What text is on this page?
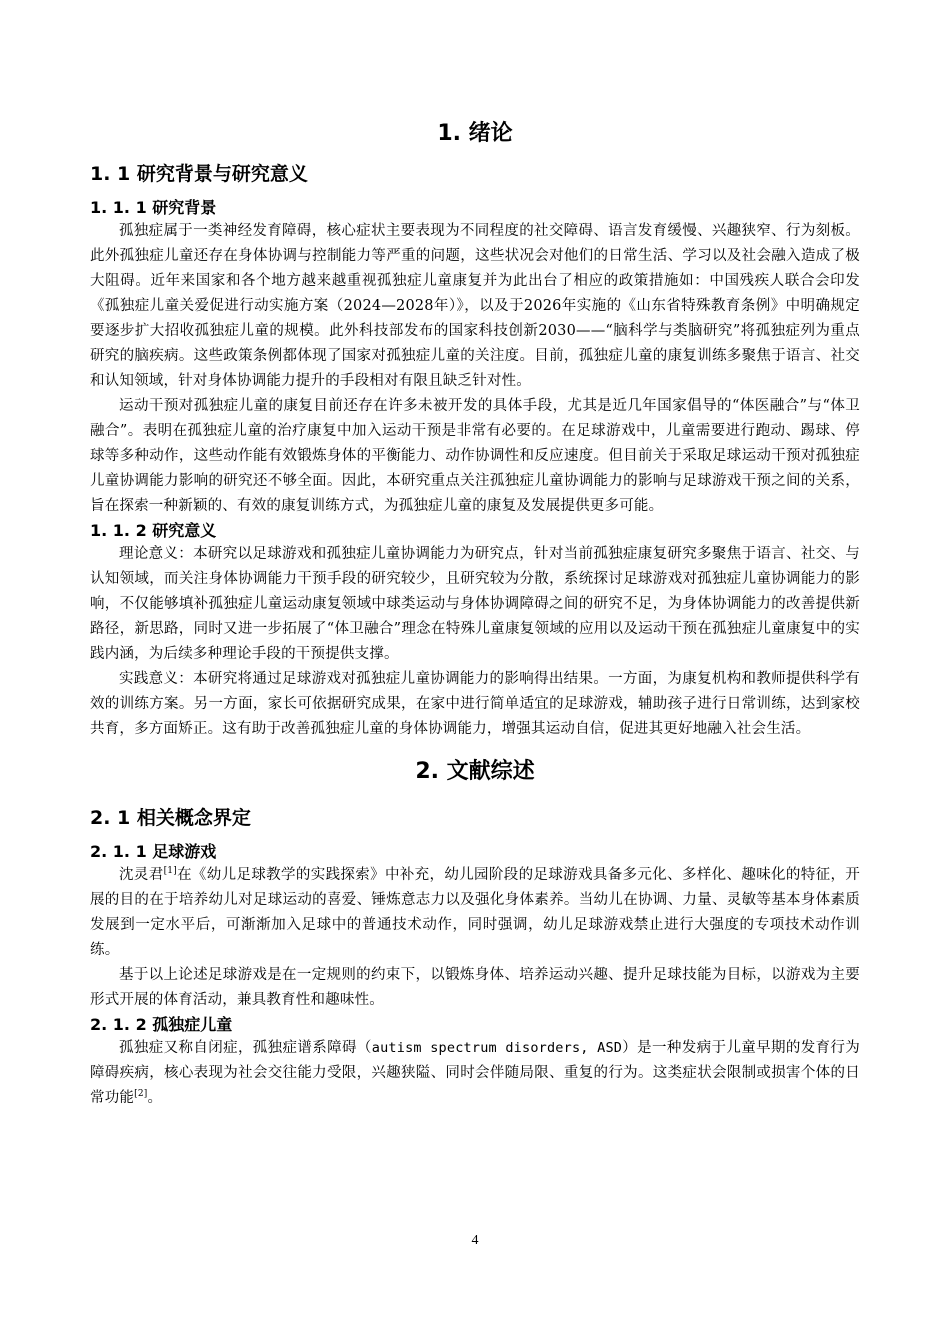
1. 绪论
1. 1 研究背景与研究意义
1. 1. 1 研究背景

孤独症属于一类神经发育障碍，核心症状主要表现为不同程度的社交障碍、语言发育缓慢、兴趣狭窄、行为刻板。此外孤独症儿童还存在身体协调与控制能力等严重的问题，这些状况会对他们的日常生活、学习以及社会融入造成了极大阻碍。近年来国家和各个地方越来越重视孤独症儿童康复并为此出台了相应的政策措施如：中国残疾人联合会印发《孤独症儿童关爱促进行动实施方案（2024—2028年）》，以及于2026年实施的《山东省特殊教育条例》中明确规定要逐步扩大招收孤独症儿童的规模。此外科技部发布的国家科技创新2030——“脑科学与类脑研究”将孤独症列为重点研究的脑疾病。这些政策条例都体现了国家对孤独症儿童的关注度。目前，孤独症儿童的康复训练多聚焦于语言、社交和认知领域，针对身体协调能力提升的手段相对有限且缺乏针对性。

运动干预对孤独症儿童的康复目前还存在许多未被开发的具体手段，尤其是近几年国家倡导的“体医融合”与“体卫融合”。表明在孤独症儿童的治疗康复中加入运动干预是非常有必要的。在足球游戏中，儿童需要进行跑动、踢球、停球等多种动作，这些动作能有效锻炼身体的平衡能力、动作协调性和反应速度。但目前关于采取足球运动干预对孤独症儿童协调能力影响的研究还不够全面。因此，本研究重点关注孤独症儿童协调能力的影响与足球游戏干预之间的关系，旨在探索一种新颖的、有效的康复训练方式，为孤独症儿童的康复及发展提供更多可能。

1. 1. 2 研究意义

理论意义：本研究以足球游戏和孤独症儿童协调能力为研究点，针对当前孤独症康复研究多聚焦于语言、社交、与认知领域，而关注身体协调能力干预手段的研究较少，且研究较为分散，系统探讨足球游戏对孤独症儿童协调能力的影响，不仅能够填补孤独症儿童运动康复领域中球类运动与身体协调障碍之间的研究不足，为身体协调能力的改善提供新路径，新思路，同时又进一步拓展了“体卫融合”理念在特殊儿童康复领域的应用以及运动干预在孤独症儿童康复中的实践内涵，为后续多种理论手段的干预提供支撑。

实践意义：本研究将通过足球游戏对孤独症儿童协调能力的影响得出结果。一方面，为康复机构和教师提供科学有效的训练方案。另一方面，家长可依据研究成果，在家中进行简单适宜的足球游戏，辅助孩子进行日常训练，达到家校共育，多方面矫正。这有助于改善孤独症儿童的身体协调能力，增强其运动自信，促进其更好地融入社会生活。

2. 文献综述
2. 1 相关概念界定
2. 1. 1 足球游戏

沈灵君[1]在《幼儿足球教学的实践探索》中补充，幼儿园阶段的足球游戏具备多元化、多样化、趣味化的特征，开展的目的在于培养幼儿对足球运动的喜爱、锤炼意志力以及强化身体素养。当幼儿在协调、力量、灵敏等基本身体素质发展到一定水平后，可渐渐加入足球中的普通技术动作，同时强调，幼儿足球游戏禁止进行大强度的专项技术动作训练。

基于以上论述足球游戏是在一定规则的约束下，以锻炼身体、培养运动兴趣、提升足球技能为目标，以游戏为主要形式开展的体育活动，兼具教育性和趣味性。

2. 1. 2 孤独症儿童

孤独症又称自闭症，孤独症谱系障碍（autism spectrum disorders, ASD）是一种发病于儿童早期的发育行为障碍疾病，核心表现为社会交往能力受限，兴趣狭隘、同时会伴随局限、重复的行为。这类症状会限制或损害个体的日常功能[2]。

4
